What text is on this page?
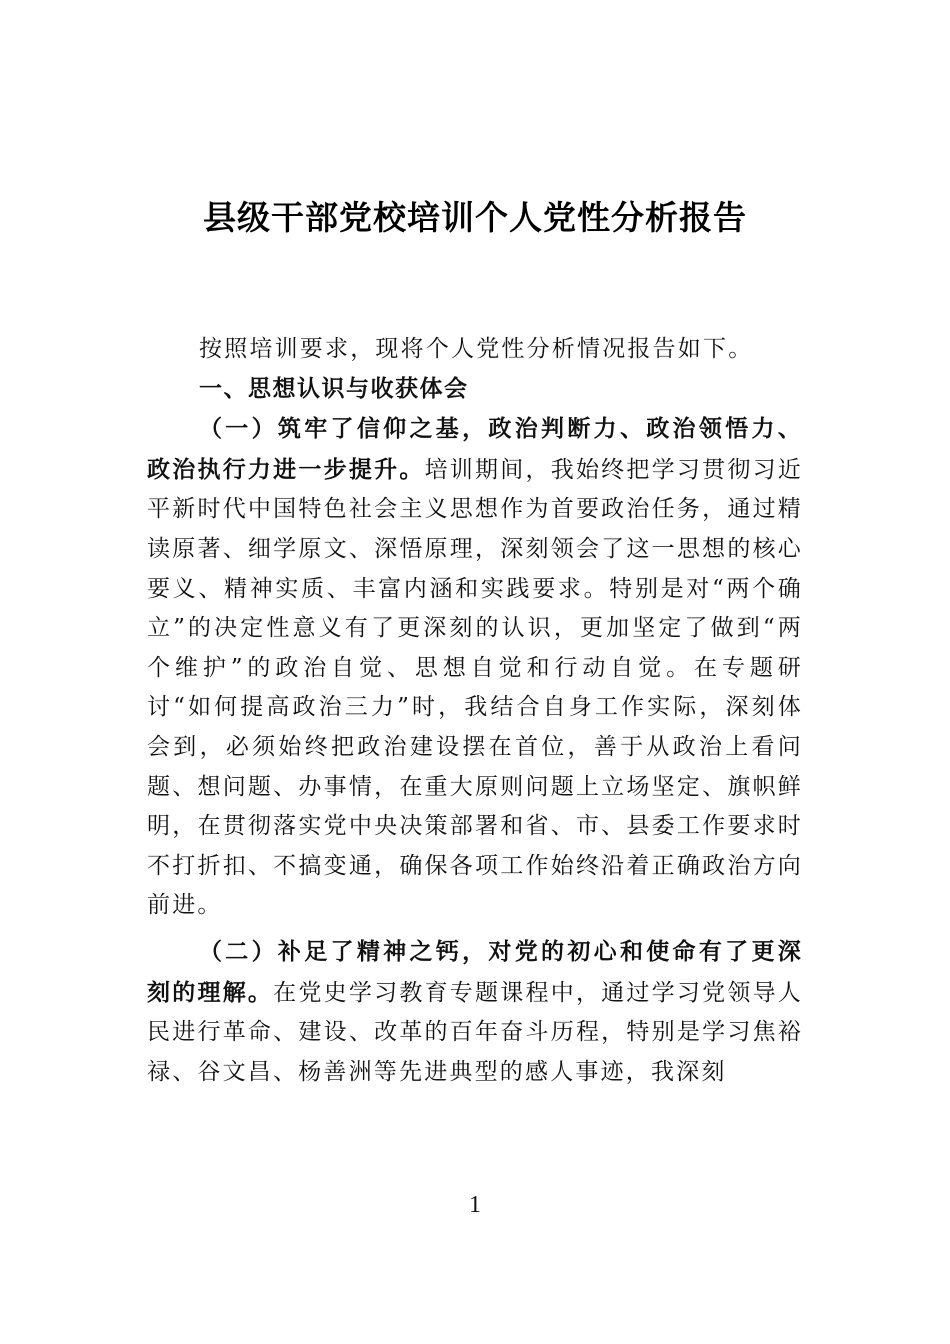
县级干部党校培训个人党性分析报告

按照培训要求，现将个人党性分析情况报告如下。

一、思想认识与收获体会

（一）筑牢了信仰之基，政治判断力、政治领悟力、政治执行力进一步提升。培训期间，我始终把学习贯彻习近平新时代中国特色社会主义思想作为首要政治任务，通过精读原著、细学原文、深悟原理，深刻领会了这一思想的核心要义、精神实质、丰富内涵和实践要求。特别是对“两个确立”的决定性意义有了更深刻的认识，更加坚定了做到“两个维护”的政治自觉、思想自觉和行动自觉。在专题研讨“如何提高政治三力”时，我结合自身工作实际，深刻体会到，必须始终把政治建设摆在首位，善于从政治上看问题、想问题、办事情，在重大原则问题上立场坚定、旗帜鲜明，在贯彻落实党中央决策部署和省、市、县委工作要求时不打折扣、不搞变通，确保各项工作始终沿着正确政治方向前进。

（二）补足了精神之钙，对党的初心和使命有了更深刻的理解。在党史学习教育专题课程中，通过学习党领导人民进行革命、建设、改革的百年奋斗历程，特别是学习焦裕禄、谷文昌、杨善洲等先进典型的感人事迹，我深刻

1
